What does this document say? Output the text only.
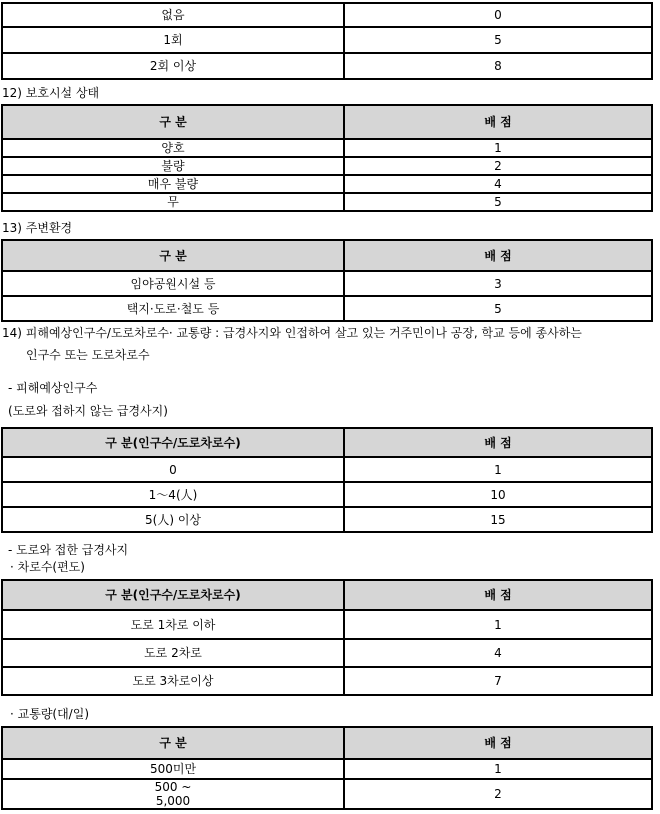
없음	0
1회	5
2회 이상	8
12) 보호시설 상태
구 분	배 점
양호	1
불량	2
매우 불량	4
무	5
13) 주변환경
구 분	배 점
임야공원시설 등	3
택지·도로·철도 등	5
14) 피해예상인구수/도로차로수· 교통량 : 급경사지와 인접하여 살고 있는 거주민이나 공장, 학교 등에 종사하는
인구수 또는 도로차로수
- 피해예상인구수
(도로와 접하지 않는 급경사지)
구 분(인구수/도로차로수)	배 점
0	1
1～4(人)	10
5(人) 이상	15
- 도로와 접한 급경사지
· 차로수(편도)
구 분(인구수/도로차로수)	배 점
도로 1차로 이하	1
도로 2차로	4
도로 3차로이상	7
· 교통량(대/일)
구 분	배 점
500미만	1

500 ~
5,000	2
